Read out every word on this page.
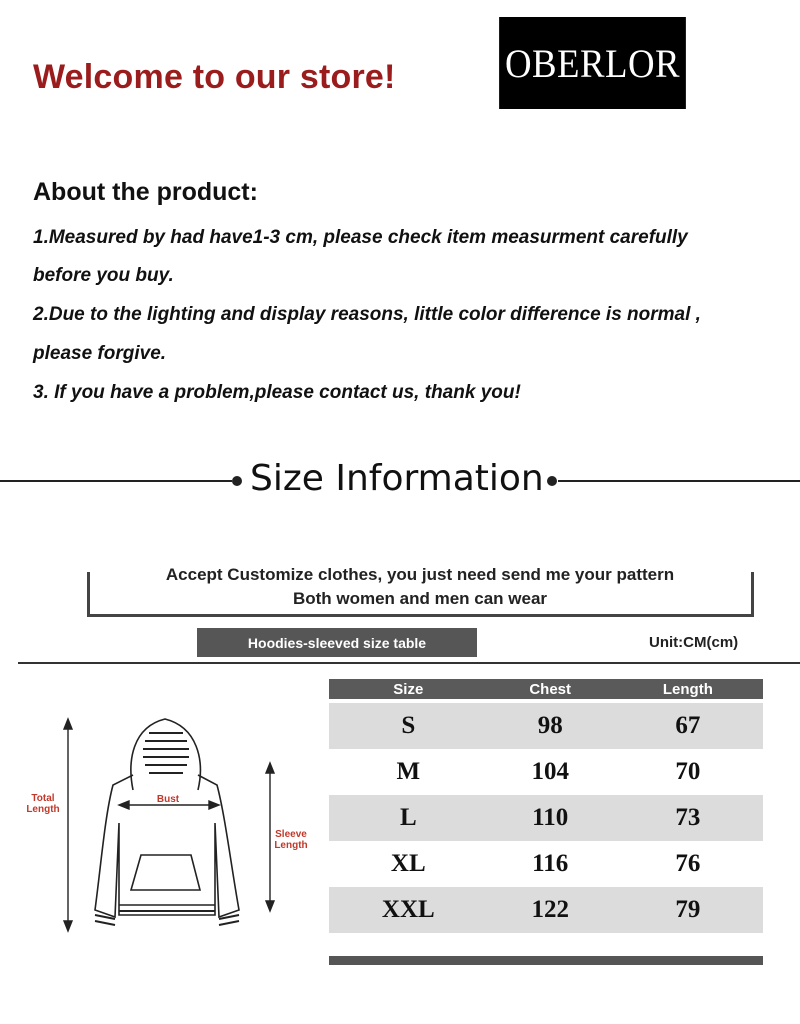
Welcome to our store!	OBERLOR
About the product:
1.Measured by had have1-3 cm, please check item measurment carefully
before you buy.
2.Due to the lighting and display reasons, little color difference is normal ,
please forgive.
3. If you have a problem,please contact us, thank you!
Size Information
Accept Customize clothes, you just need send me your pattern
Both women and men can wear
Hoodies-sleeved size table	Unit:CM(cm)
Total Length
Bust
Sleeve Length
Size	Chest	Length

S	98	67
M	104	70
L	110	73
XL	116	76
XXL	122	79
